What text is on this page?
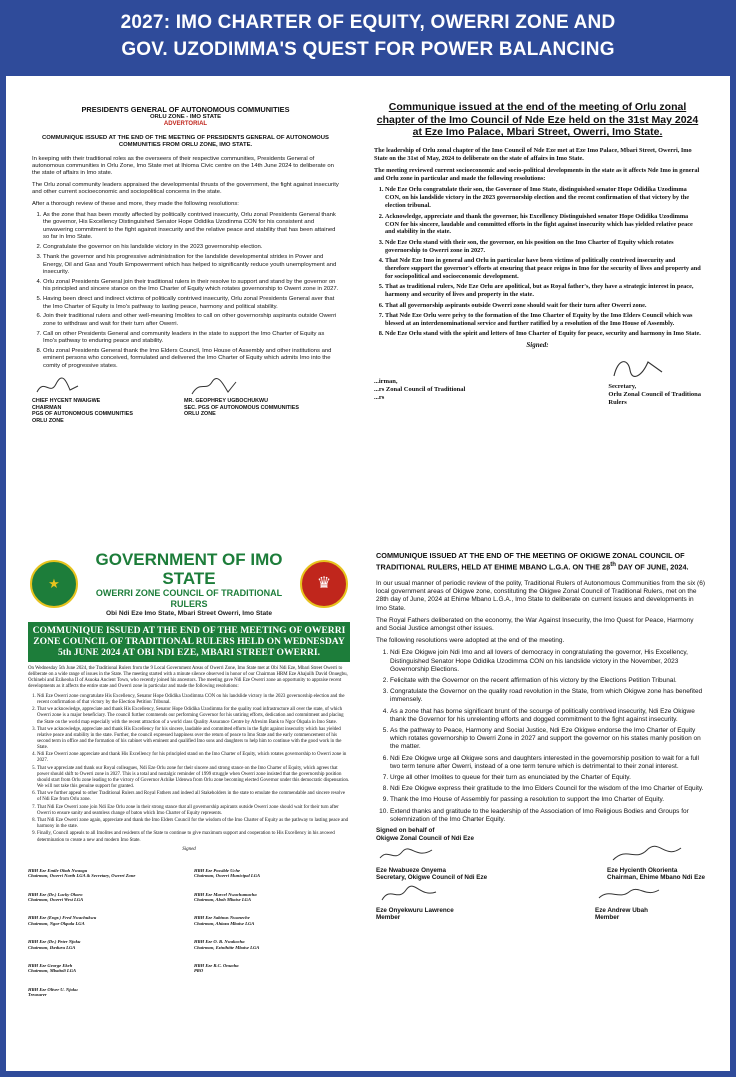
2027: IMO CHARTER OF EQUITY, OWERRI ZONE AND
GOV. UZODIMMA'S QUEST FOR POWER BALANCING
PRESIDENTS GENERAL OF AUTONOMOUS COMMUNITIES
ORLU ZONE - IMO STATE
ADVERTORIAL
COMMUNIQUE ISSUED AT THE END OF THE MEETING OF PRESIDENTS GENERAL OF AUTONOMOUS COMMUNITIES FROM ORLU ZONE, IMO STATE.

In keeping with their traditional roles as the overseers of their respective communities, Presidents General of autonomous communities in Orlu Zone, Imo State met at Ihioma Civic centre on the 14th June 2024 to deliberate on the state of affairs in Imo state.

The Orlu zonal community leaders appraised the developmental thrusts of the government, the fight against insecurity and other current socioeconomic and sociopolitical concerns in the state.

After a thorough review of these and more, they made the following resolutions:

1. As the zone that has been mostly affected by politically contrived insecurity, Orlu zonal Presidents General thank the governor, His Excellency Distinguished Senator Hope Odidika Uzodinma CON for his consistent and unwavering commitment to the fight against insecurity and the relative peace and stability that has been attained so far in Imo State.
2. Congratulate the governor on his landslide victory in the 2023 governorship election.
3. Thank the governor and his progressive administration for the landslide developmental strides in Power and Energy, Oil and Gas and Youth Empowerment which has helped to significantly reduce youth unemployment and insecurity.
4. Orlu zonal Presidents General join their traditional rulers in their resolve to support and stand by the governor on his principled and sincere stance on the Imo Charter of Equity which rotates governorship to Owerri zone in 2027.
5. Having been direct and indirect victims of politically contrived insecurity, Orlu zonal Presidents General aver that the Imo Charter of Equity is Imo's pathway to lasting peace, harmony and political stability.
6. Join their traditional rulers and other well-meaning Imolites to call on other governorship aspirants outside Owerri zone to withdraw and wait for their turn after Owerri.
7. Call on other Presidents General and community leaders in the state to support the Imo Charter of Equity as Imo's pathway to enduring peace and stability.
8. Orlu zonal Presidents General thank the Imo Elders Council, Imo House of Assembly and other institutions and eminent persons who conceived, formulated and delivered the Imo Charter of Equity which admits Imo into the comity of progressive states.
CHIEF HYCENT NWAIGWE
CHAIRMAN
PGS OF AUTONOMOUS COMMUNITIES
ORLU ZONE
MR. GEOPHREY UGBOCHUKWU
SEC. PGS OF AUTONOMOUS COMMUNITIES
ORLU ZONE
Communique issued at the end of the meeting of Orlu zonal chapter of the Imo Council of Nde Eze held on the 31st May 2024 at Eze Imo Palace, Mbari Street, Owerri, Imo State.

The leadership of Orlu zonal chapter of the Imo Council of Nde Eze met at Eze Imo Palace, Mbari Street, Owerri, Imo State on the 31st of May, 2024 to deliberate on the state of affairs in Imo State.

The meeting reviewed current socioeconomic and socio-political developments in the state as it affects Nde Imo in general and Orlu zone in particular and made the following resolutions:

1. Nde Eze Orlu congratulate their son, the Governor of Imo State, distinguished senator Hope Odidika Uzodimma CON, on his landslide victory in the 2023 governorship election and the recent confirmation of that victory by the election tribunal.
2. Acknowledge, appreciate and thank the governor, his Excellency Distinguished senator Hope Odidika Uzodimma CON for his sincere, laudable and committed efforts in the fight against insecurity which has yielded relative peace and stability in the state.
3. Nde Eze Orlu stand with their son, the governor, on his position on the Imo Charter of Equity which rotates governorship to Owerri zone in 2027.
4. That Nde Eze Imo in general and Orlu in particular have been victims of politically contrived insecurity and therefore support the governor's efforts at ensuring that peace reigns in Imo for the security of lives and property and for sociopolitical and socioeconomic development.
5. That as traditional rulers, Nde Eze Orlu are apolitical, but as Royal father's, they have a strategic interest in peace, harmony and security of lives and property in the state.
6. That all governorship aspirants outside Owerri zone should wait for their turn after Owerri zone.
7. That Nde Eze Orlu were privy to the formation of the Imo Charter of Equity by the Imo Elders Council which was blessed at an interdenominational service and further ratified by a resolution of the Imo House of Assembly.
8. Nde Eze Orlu stand with the spirit and letters of Imo Charter of Equity for peace, security and harmony in Imo State.
Signed:
...irman,
...rs Zonal Council of Traditional
...rs
Secretary,
Orlu Zonal Council of Traditiona
Rulers
★
GOVERNMENT OF IMO STATE
OWERRI ZONE COUNCIL OF TRADITIONAL RULERS
Obi Ndi Eze Imo State, Mbari Street Owerri, Imo State
♛
COMMUNIQUE ISSUED AT THE END OF THE MEETING OF OWERRI ZONE COUNCIL OF TRADITIONAL RULERS HELD ON WEDNESDAY 5th JUNE 2024 AT OBI NDI EZE, MBARI STREET OWERRI.

On Wednesday 5th June 2024, the Traditional Rulers from the 9 Local Government Areas of Owerri Zone, Imo State met at Obi Ndi Eze, Mbari Street Owerri to deliberate on a wide range of issues in the State. The meeting started with a minute silence observed in honor of our Chairman HRM Eze Ahajuilh David Onuegbu, Ochinebi and Ezikeoha II of Asuoka Ancient Town, who recently joined his ancestors. The meeting gave Ndi Eze Owerri zone an opportunity to appraise recent developments as it affects the entire state and Owerri zone in particular and made the following resolutions:

1. Ndi Eze Owerri zone congratulate His Excellency, Senator Hope Odidika Uzodimma CON on his landslide victory in the 2023 governorship election and the recent confirmation of that victory by the Election Petition Tribunal.
2. That we acknowledge, appreciate and thank His Excellency, Senator Hope Odidika Uzodimma for the quality road infrastructure all over the state, of which Owerri zone is a major beneficiary. The council further commends our performing Governor for his untiring efforts, dedication and commitment and placing the State on the world map especially with the recent attraction of a world class Quality Assurance Centre by Afrexim Bank to Ngor Okpala in Imo State.
3. That we acknowledge, appreciate and thank His Excellency for his sincere, laudable and committed efforts in the fight against insecurity which has yielded relative peace and stability in the state. Further, the council expressed happiness over the return of peace to Imo State and the early commencement of his second term in office and the formation of his cabinet with eminent and qualified Imo sons and daughters to help him to continue with the good work in the State.
4. Ndi Eze Owerri zone appreciate and thank His Excellency for his principled stand on the Imo Charter of Equity, which rotates governorship to Owerri zone in 2027.
5. That we appreciate and thank our Royal colleagues, Ndi Eze Orlu zone for their sincere and strong stance on the Imo Charter of Equity, which agrees that power should shift to Owerri zone in 2027. This is a total and nostalgic reminder of 1999 struggle when Owerri zone insisted that the governorship position should start from Orlu zone leading to the victory of Governor Achike Udenwa from Orlu zone becoming elected Governor under this democratic dispensation. We will not take this genuine support for granted.
6. That we further appeal to other Traditional Rulers and Royal Fathers and indeed all Stakeholders in the state to emulate the commendable and sincere resolve of Ndi Eze from Orlu zone.
7. That Ndi Eze Owerri zone join Ndi Eze Orlu zone in their strong stance that all governorship aspirants outside Owerri zone should wait for their turn after Owerri to ensure sanity and seamless change of baton which Imo Charter of Equity represents.
8. That Ndi Eze Owerri zone again, appreciate and thank the Imo Elders Council for the wisdom of the Imo Charter of Equity as the pathway to lasting peace and harmony in the state.
9. Finally, Council appeals to all Imolites and residents of the State to continue to give maximum support and cooperation to His Excellency in his avowed determination to create a new and modern Imo State.
Signed
HRH Eze Emile Obah Nwaogu
Chairman, Owerri North LGA & Secretary, Owerri Zone
HRH Eze Possible Uche
Chairman, Owerri Municipal LGA
HRH Eze (Dr.) Lucky Okoro
Chairman, Owerri West LGA
HRH Eze Marcel Nwachumacha
Chairman, Aboh Mbaise LGA
HRH Eze (Engr.) Fred Nwachukwu
Chairman, Ngor Okpala LGA
HRH Eze Sabinus Nwaneche
Chairman, Ahiazu Mbaise LGA
HRH Eze (Dr.) Peter Njoku
Chairman, Ikeduru LGA
HRH Eze O. B. Nwakocha
Chairman, Ezinihitte Mbaise LGA
HRH Eze George Ekeh
Chairman, Mbaitoli LGA
HRH Eze R.C. Onuoha
PRO
HRH Eze Oliver U. Njoku
Treasurer
COMMUNIQUE ISSUED AT THE END OF THE MEETING OF OKIGWE ZONAL COUNCIL OF TRADITIONAL RULERS, HELD AT EHIME MBANO L.G.A. ON THE 28th DAY OF JUNE, 2024.

In our usual manner of periodic review of the polity, Traditional Rulers of Autonomous Communities from the six (6) local government areas of Okigwe zone, constituting the Okigwe Zonal Council of Traditional Rulers, met on the 28th day of June, 2024 at Ehime Mbano L.G.A., Imo State to deliberate on current issues and developments in Imo State.

The Royal Fathers deliberated on the economy, the War Against Insecurity, the Imo Quest for Peace, Harmony and Social Justice amongst other issues.

The following resolutions were adopted at the end of the meeting.

1. Ndi Eze Okigwe join Ndi Imo and all lovers of democracy in congratulating the governor, His Excellency, Distinguished Senator Hope Odidika Uzodimma CON on his landslide victory in the November, 2023 Governorship Elections.
2. Felicitate with the Governor on the recent affirmation of his victory by the Elections Petition Tribunal.
3. Congratulate the Governor on the quality road revolution in the State, from which Okigwe zone has benefited immensely.
4. As a zone that has borne significant brunt of the scourge of politically contrived insecurity, Ndi Eze Okigwe thank the Governor for his unrelenting efforts and dogged commitment to the fight against insecurity.
5. As the pathway to Peace, Harmony and Social Justice, Ndi Eze Okigwe endorse the Imo Charter of Equity which rotates governorship to Owerri Zone in 2027 and support the governor on his states manly position on the matter.
6. Ndi Eze Okigwe urge all Okigwe sons and daughters interested in the governorship position to wait for a full two term tenure after Owerri, instead of a one term tenure which is detrimental to their zonal interest.
7. Urge all other Imolites to queue for their turn as enunciated by the Charter of Equity.
8. Ndi Eze Okigwe express their gratitude to the Imo Elders Council for the wisdom of the Imo Charter of Equity.
9. Thank the Imo House of Assembly for passing a resolution to support the Imo Charter of Equity.
10. Extend thanks and gratitude to the leadership of the Association of Imo Religious Bodies and Groups for solemnization of the Imo Charter Equity.
Signed on behalf of
Okigwe Zonal Council of Ndi Eze
Eze Nwabueze Onyema
Secretary, Okigwe Council of Ndi Eze
Eze Hycienth Okorienta
Chairman, Ehime Mbano Ndi Eze
Eze Onyekwuru Lawrence
Member
Eze Andrew Ubah
Member
